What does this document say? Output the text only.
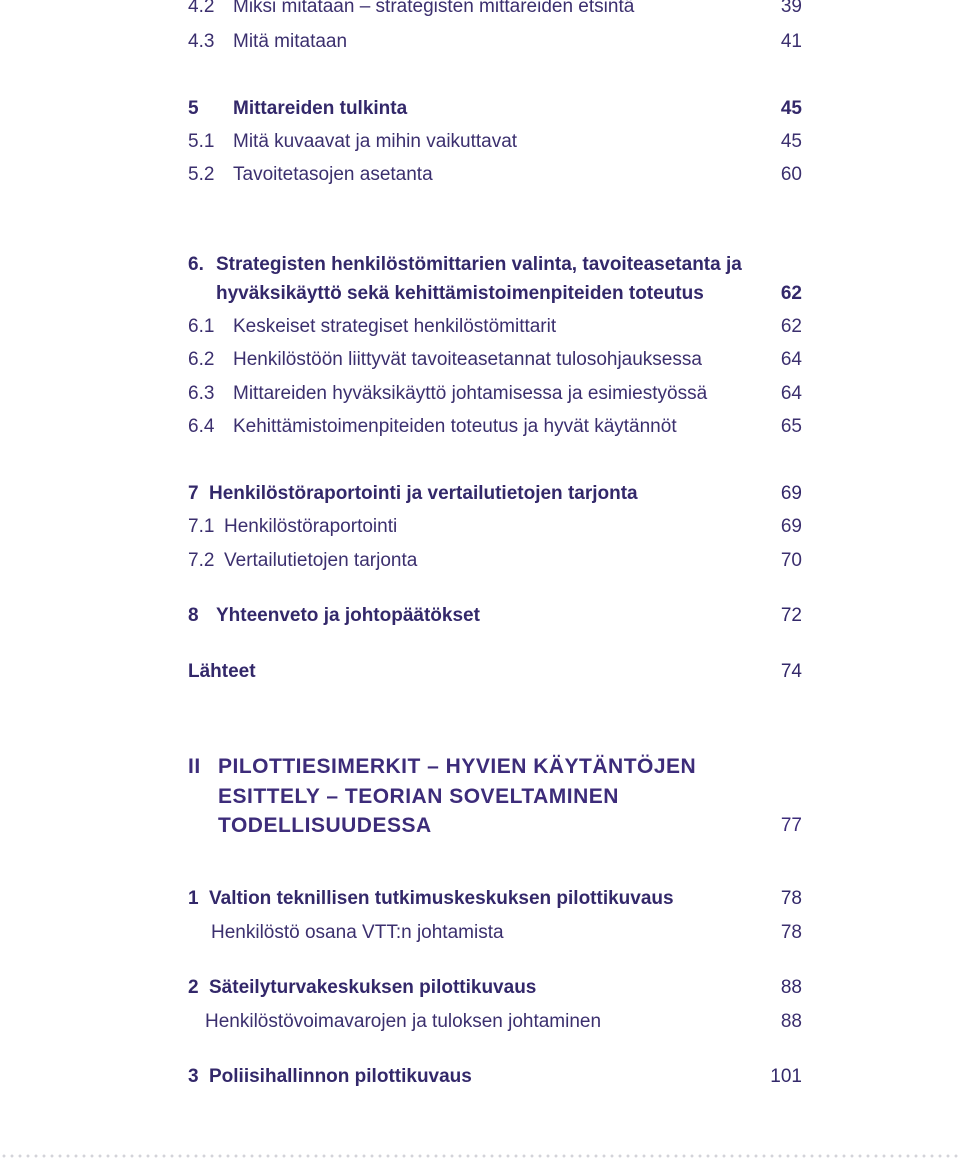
4.2 Miksi mitataan – strategisten mittareiden etsintä	39
4.3 Mitä mitataan	41
5 Mittareiden tulkinta	45
5.1 Mitä kuvaavat ja mihin vaikuttavat	45
5.2 Tavoitetasojen asetanta	60
6. Strategisten henkilöstömittarien valinta, tavoiteasetanta ja
hyväksikäyttö sekä kehittämistoimenpiteiden toteutus	62
6.1 Keskeiset strategiset henkilöstömittarit	62
6.2 Henkilöstöön liittyvät tavoiteasetannat tulosohjauksessa	64
6.3 Mittareiden hyväksikäyttö johtamisessa ja esimiestyössä	64
6.4 Kehittämistoimenpiteiden toteutus ja hyvät käytännöt	65
7 Henkilöstöraportointi ja vertailutietojen tarjonta	69
7.1 Henkilöstöraportointi	69
7.2 Vertailutietojen tarjonta	70
8 Yhteenveto ja johtopäätökset	72
Lähteet	74
II PILOTTIESIMERKIT – HYVIEN KÄYTÄNTÖJEN
ESITTELY – TEORIAN SOVELTAMINEN
TODELLISUUDESSA	77
1 Valtion teknillisen tutkimuskeskuksen pilottikuvaus	78
Henkilöstö osana VTT:n johtamista	78
2 Säteilyturvakeskuksen pilottikuvaus	88
Henkilöstövoimavarojen ja tuloksen johtaminen	88
3 Poliisihallinnon pilottikuvaus	101
